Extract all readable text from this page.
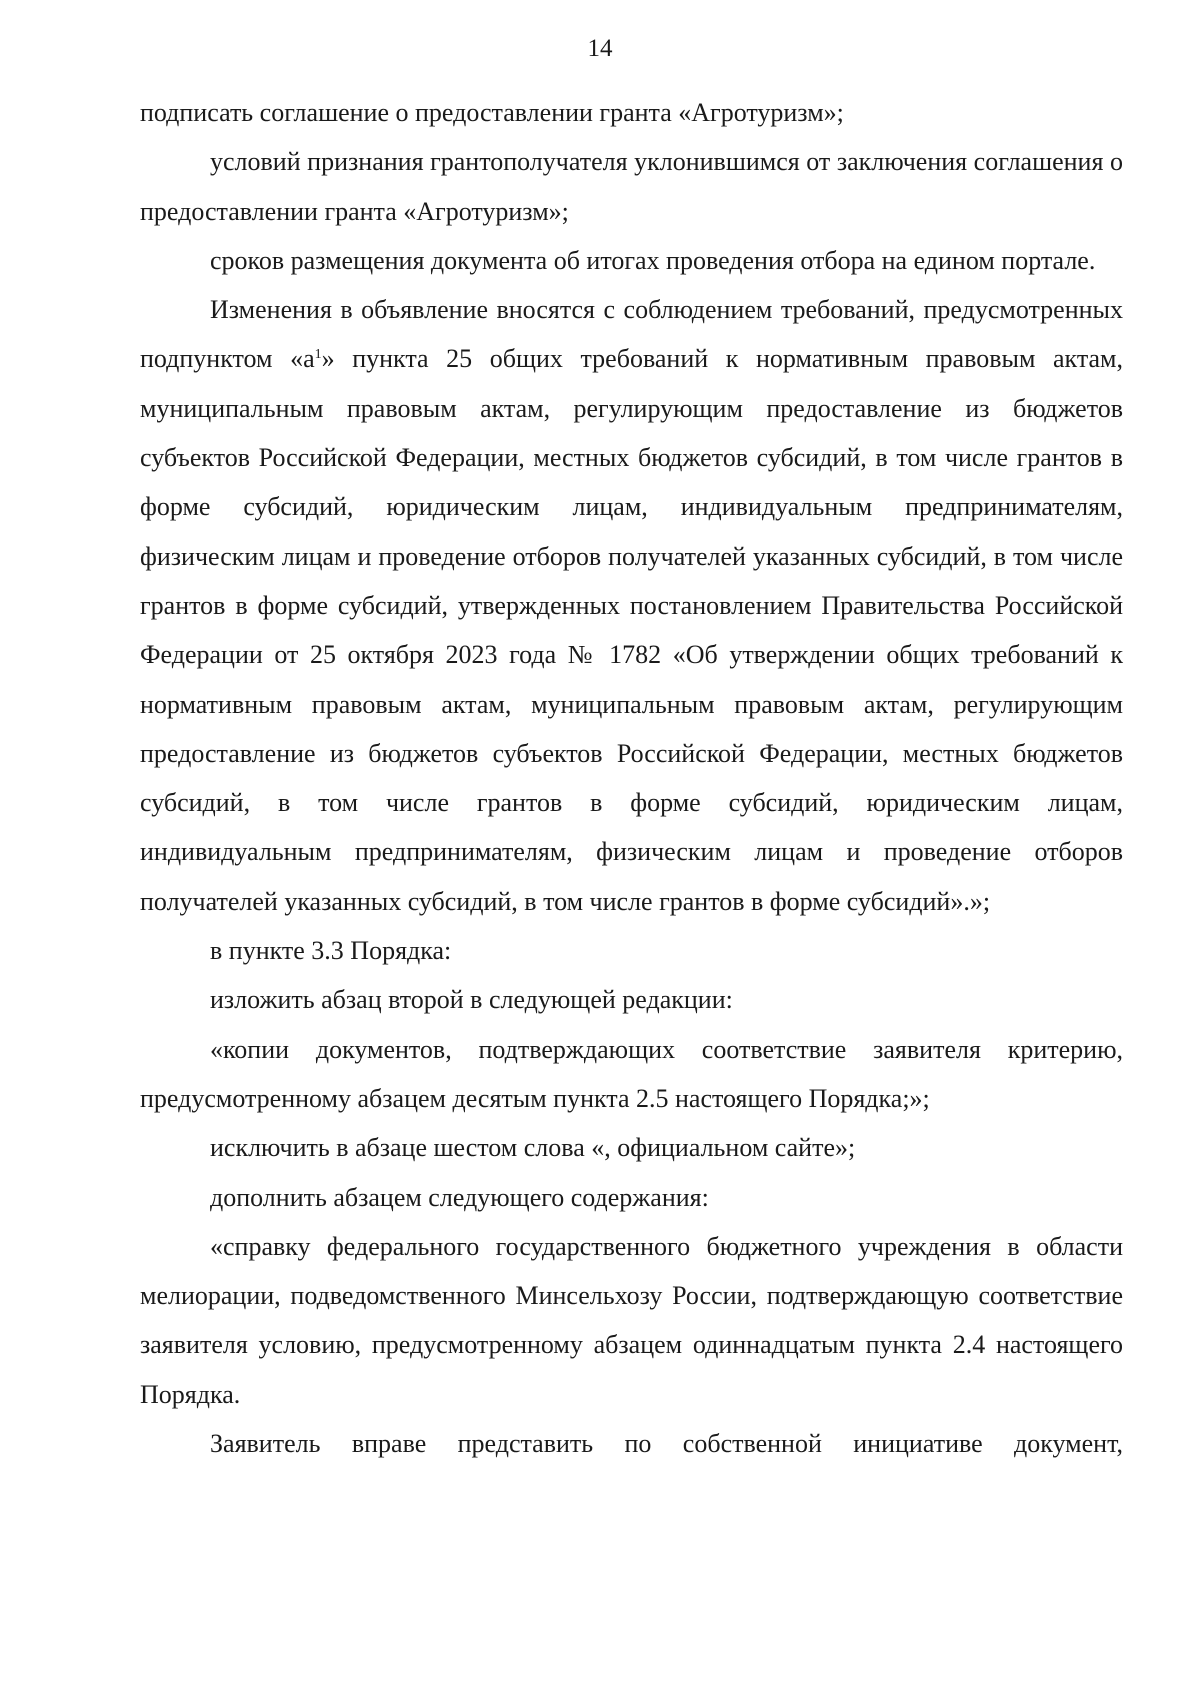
14

подписать соглашение о предоставлении гранта «Агротуризм»;

условий признания грантополучателя уклонившимся от заключения соглашения о предоставлении гранта «Агротуризм»;

сроков размещения документа об итогах проведения отбора на едином портале.

Изменения в объявление вносятся с соблюдением требований, предусмотренных подпунктом «$а^1$» пункта 25 общих требований к нормативным правовым актам, муниципальным правовым актам, регулирующим предоставление из бюджетов субъектов Российской Федерации, местных бюджетов субсидий, в том числе грантов в форме субсидий, юридическим лицам, индивидуальным предпринимателям, физическим лицам и проведение отборов получателей указанных субсидий, в том числе грантов в форме субсидий, утвержденных постановлением Правительства Российской Федерации от 25 октября 2023 года № 1782 «Об утверждении общих требований к нормативным правовым актам, муниципальным правовым актам, регулирующим предоставление из бюджетов субъектов Российской Федерации, местных бюджетов субсидий, в том числе грантов в форме субсидий, юридическим лицам, индивидуальным предпринимателям, физическим лицам и проведение отборов получателей указанных субсидий, в том числе грантов в форме субсидий».»;

в пункте 3.3 Порядка:

изложить абзац второй в следующей редакции:

«копии документов, подтверждающих соответствие заявителя критерию, предусмотренному абзацем десятым пункта 2.5 настоящего Порядка;»;

исключить в абзаце шестом слова «, официальном сайте»;

дополнить абзацем следующего содержания:

«справку федерального государственного бюджетного учреждения в области мелиорации, подведомственного Минсельхозу России, подтверждающую соответствие заявителя условию, предусмотренному абзацем одиннадцатым пункта 2.4 настоящего Порядка.

Заявитель вправе представить по собственной инициативе документ,
